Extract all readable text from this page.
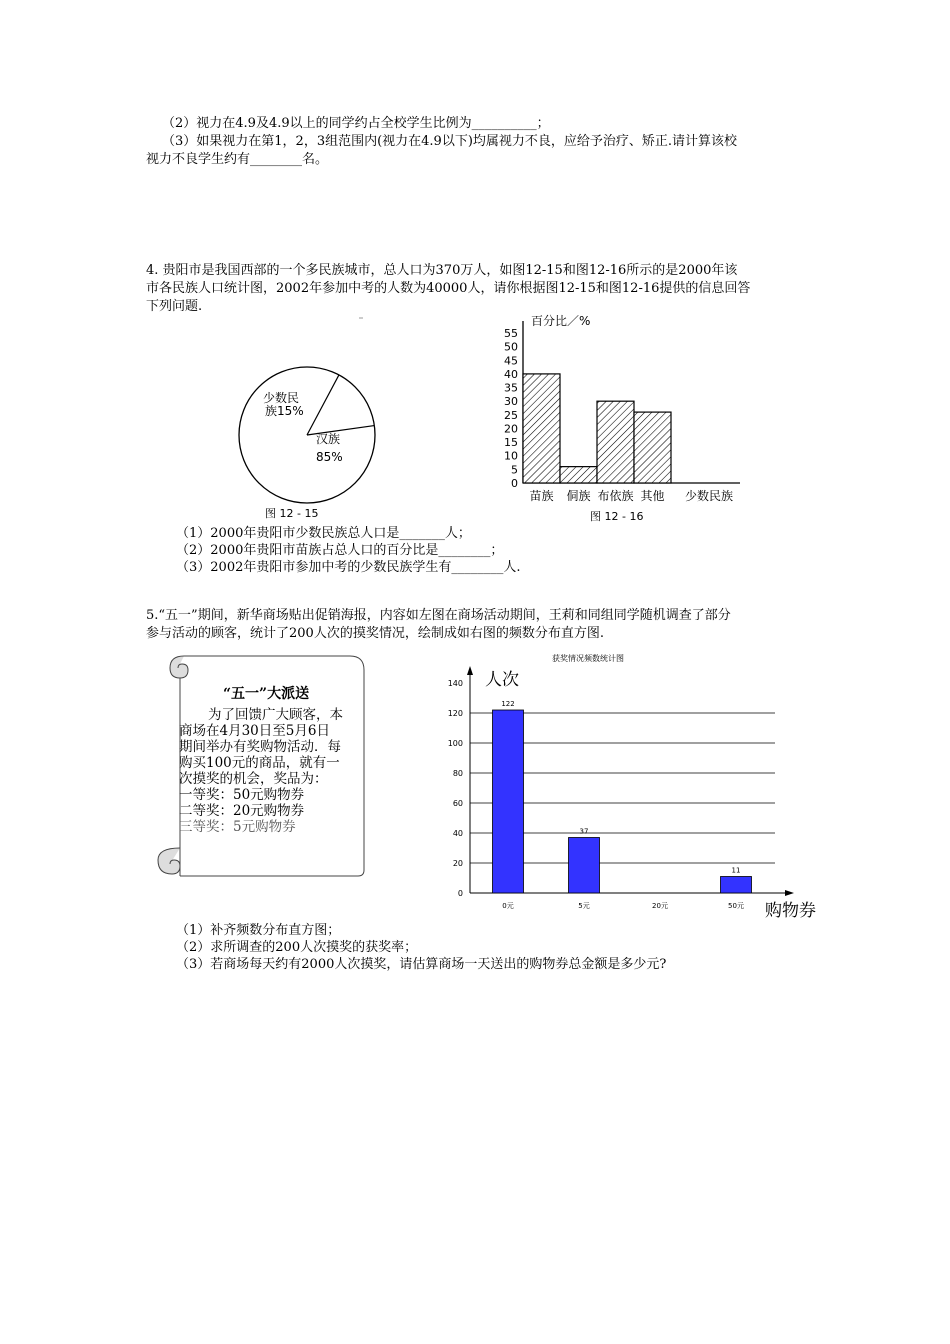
（2）视力在4.9及4.9以上的同学约占全校学生比例为__________；
（3）如果视力在第1，2，3组范围内(视力在4.9以下)均属视力不良，应给予治疗、矫正.请计算该校
视力不良学生约有________名。
4. 贵阳市是我国西部的一个多民族城市，总人口为370万人，如图12-15和图12-16所示的是2000年该
市各民族人口统计图，2002年参加中考的人数为40000人，请你根据图12-15和图12-16提供的信息回答
下列问题.
少数民
族15%
汉族
85%
图 12 - 15
百分比／%
0
5
10
15
20
25
30
35
40
45
50
55
苗族 侗族 布依族 其他 少数民族
图 12 - 16
（1）2000年贵阳市少数民族总人口是_______人；
（2）2000年贵阳市苗族占总人口的百分比是________；
（3）2002年贵阳市参加中考的少数民族学生有________人.
5.“五一”期间，新华商场贴出促销海报，内容如左图在商场活动期间，王莉和同组同学随机调查了部分
参与活动的顾客，统计了200人次的摸奖情况，绘制成如右图的频数分布直方图.
“五一”大派送
为了回馈广大顾客，本
商场在4月30日至5月6日
期间举办有奖购物活动．每
购买100元的商品，就有一
次摸奖的机会，奖品为：
一等奖：50元购物券
二等奖：20元购物券
三等奖：5元购物券
获奖情况频数统计图
人次
购物券
0
20
40
60
80
100
120
140
122
0元
37
5元	20元
11
50元
（1）补齐频数分布直方图；
（2）求所调查的200人次摸奖的获奖率；
（3）若商场每天约有2000人次摸奖，请估算商场一天送出的购物券总金额是多少元?
